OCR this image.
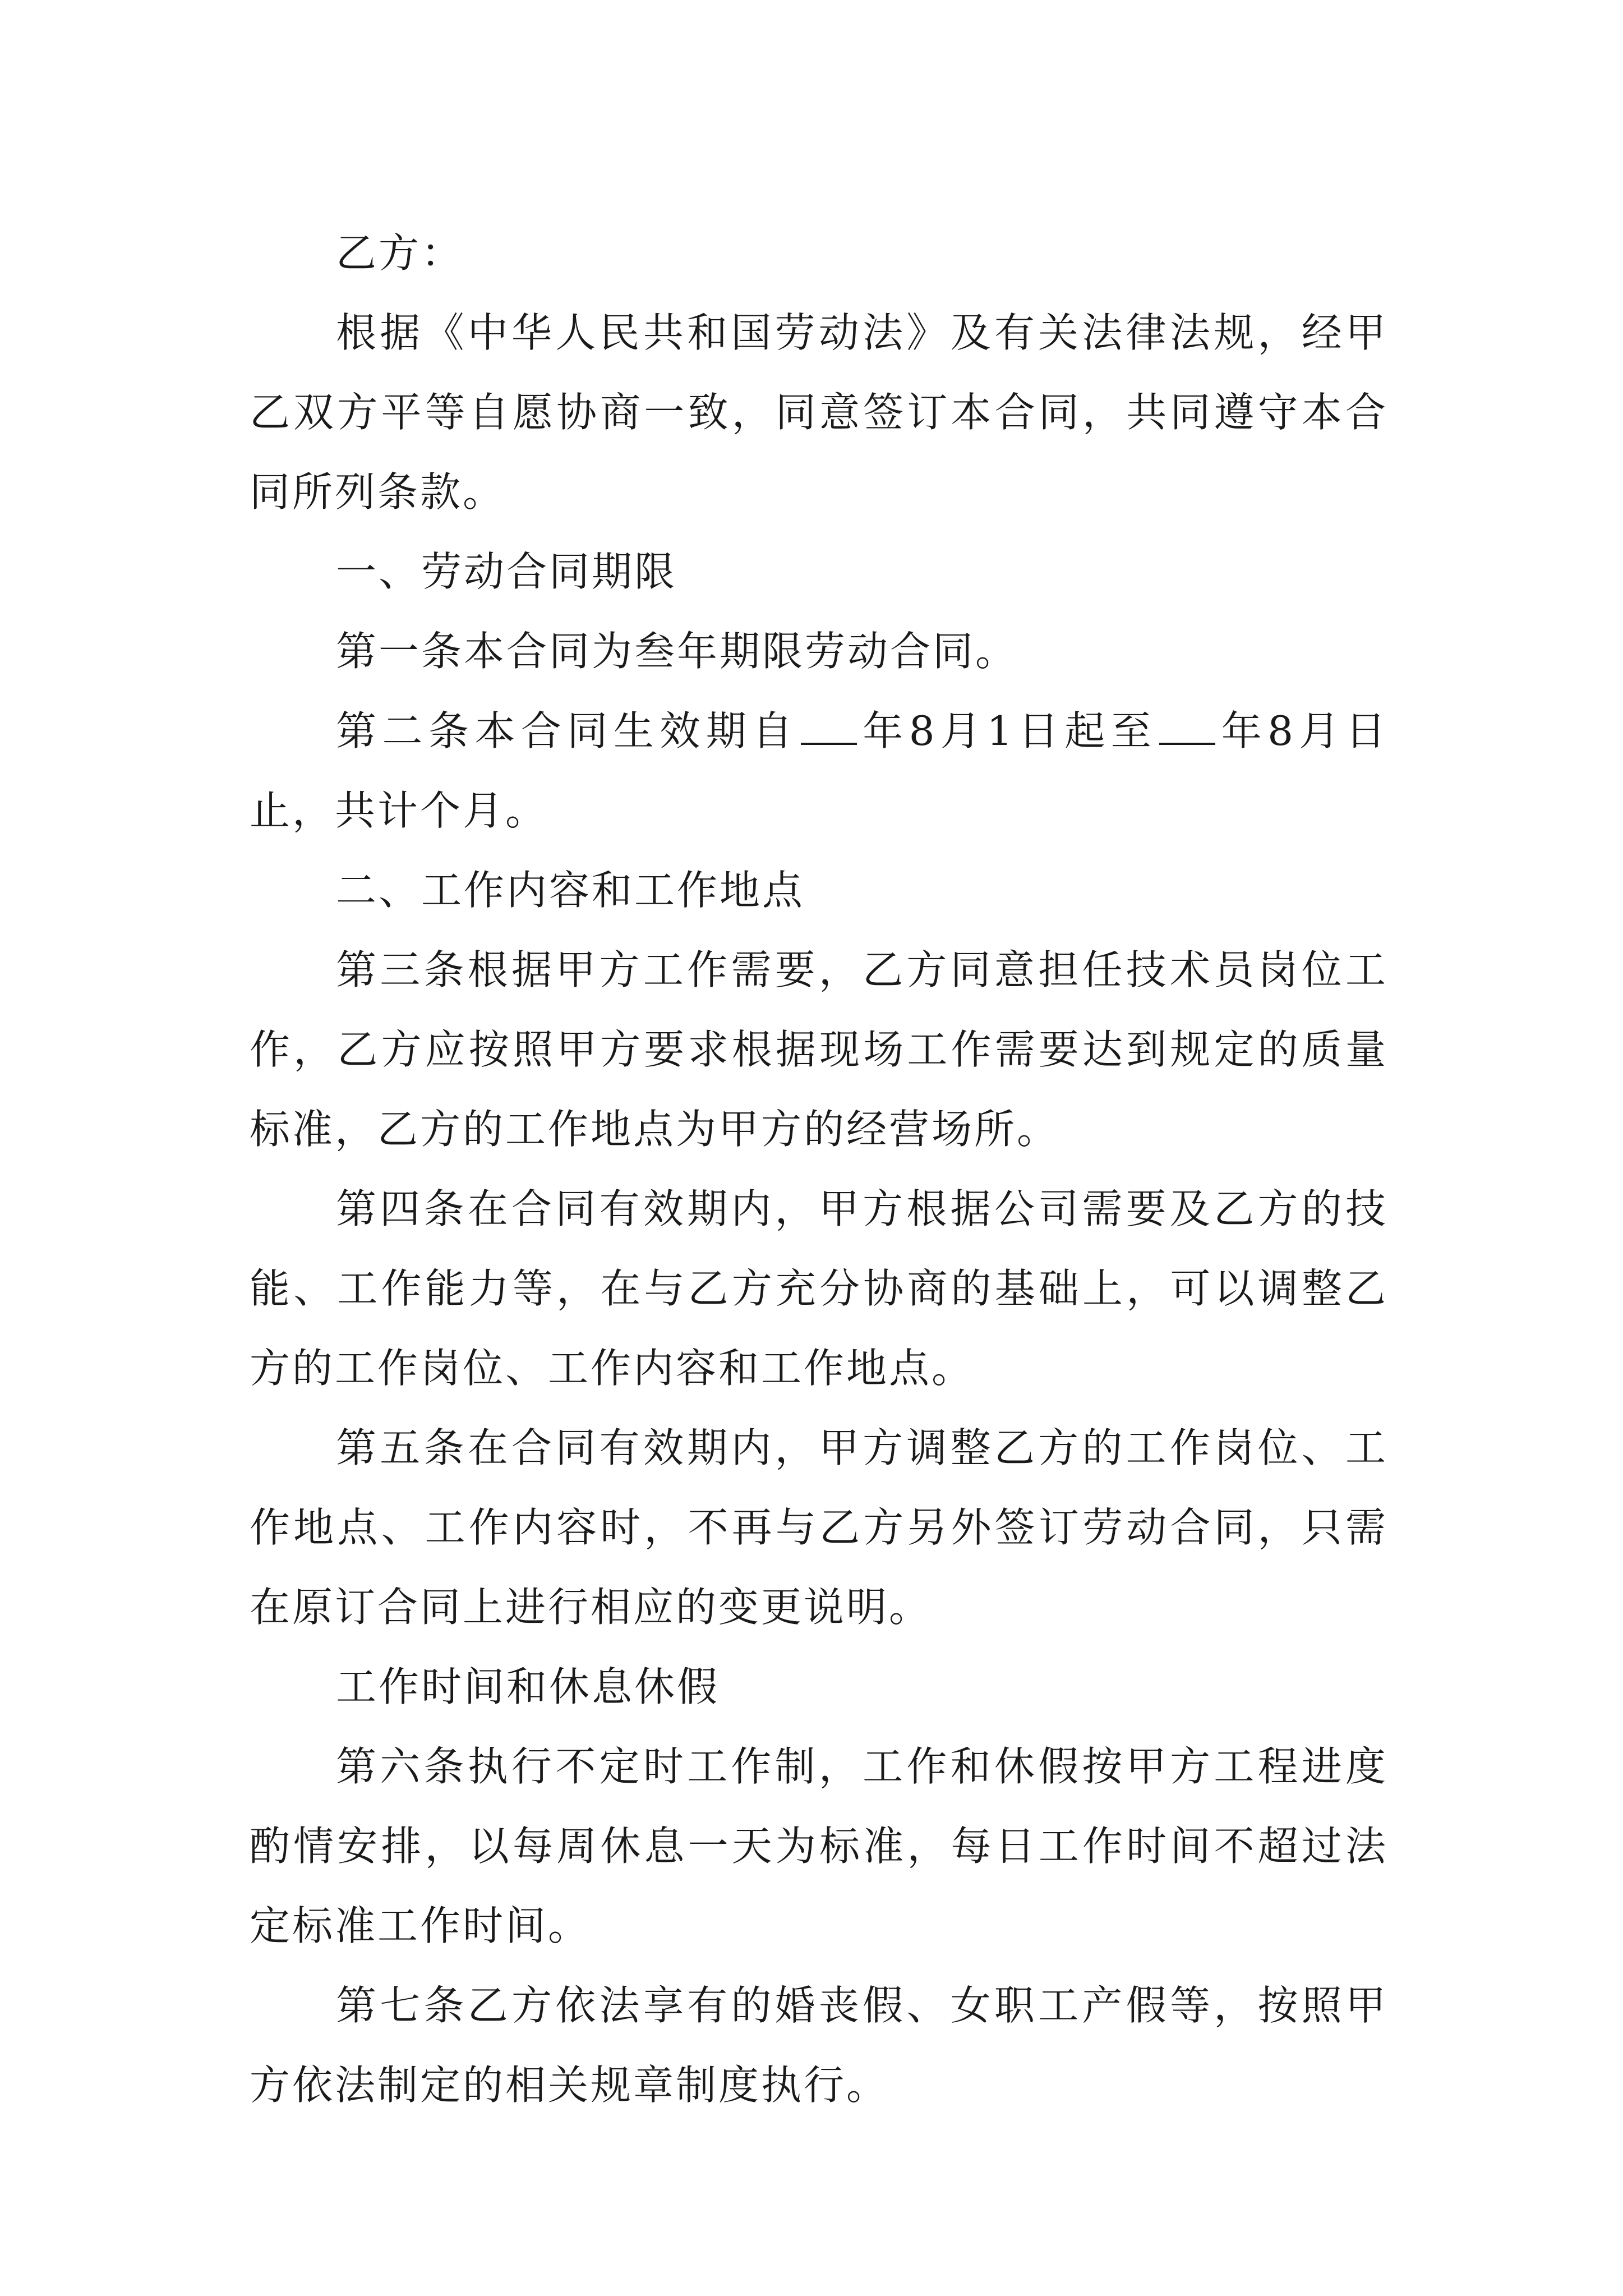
乙方：

根据《中华人民共和国劳动法》及有关法律法规，经甲乙双方平等自愿协商一致，同意签订本合同，共同遵守本合同所列条款。

一、劳动合同期限

第一条本合同为叁年期限劳动合同。

第二条本合同生效期自 年8月1日起至 年8月日止，共计个月。

二、工作内容和工作地点

第三条根据甲方工作需要，乙方同意担任技术员岗位工作，乙方应按照甲方要求根据现场工作需要达到规定的质量标准，乙方的工作地点为甲方的经营场所。

第四条在合同有效期内，甲方根据公司需要及乙方的技能、工作能力等，在与乙方充分协商的基础上，可以调整乙方的工作岗位、工作内容和工作地点。

第五条在合同有效期内，甲方调整乙方的工作岗位、工作地点、工作内容时，不再与乙方另外签订劳动合同，只需在原订合同上进行相应的变更说明。

工作时间和休息休假

第六条执行不定时工作制，工作和休假按甲方工程进度酌情安排，以每周休息一天为标准，每日工作时间不超过法定标准工作时间。

第七条乙方依法享有的婚丧假、女职工产假等，按照甲方依法制定的相关规章制度执行。
